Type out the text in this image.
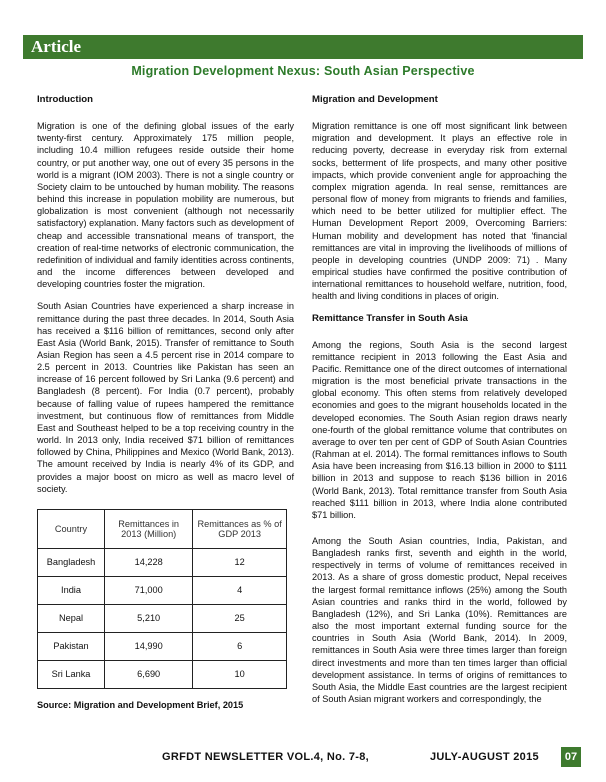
Article
Migration Development Nexus: South Asian Perspective
Introduction

Migration is one of the defining global issues of the early twenty-first century. Approximately 175 million people, including 10.4 million refugees reside outside their home country, or put another way, one out of every 35 persons in the world is a migrant (IOM 2003). There is not a single country or Society claim to be untouched by human mobility. The reasons behind this increase in population mobility are numerous, but globalization is most convenient (although not necessarily satisfactory) explanation. Many factors such as development of cheap and accessible transnational means of transport, the creation of real-time networks of electronic communication, the redefinition of individual and family identities across continents, and the income differences between developed and developing countries foster the migration.

South Asian Countries have experienced a sharp increase in remittance during the past three decades. In 2014, South Asia has received a $116 billion of remittances, second only after East Asia (World Bank, 2015). Transfer of remittance to South Asian Region has seen a 4.5 percent rise in 2014 compare to 2.5 percent in 2013. Countries like Pakistan has seen an increase of 16 percent followed by Sri Lanka (9.6 percent) and Bangladesh (8 percent). For India (0.7 percent), probably because of falling value of rupees hampered the remittance investment, but continuous flow of remittances from Middle East and Southeast helped to be a top receiving country in the world. In 2013 only, India received $71 billion of remittances followed by China, Philippines and Mexico (World Bank, 2013). The amount received by India is nearly 4% of its GDP, and provides a major boost on micro as well as macro level of society.

Country	Remittances in 2013 (Million)	Remittances as % of GDP 2013
Bangladesh	14,228	12
India	71,000	4
Nepal	5,210	25
Pakistan	14,990	6
Sri Lanka	6,690	10
Source: Migration and Development Brief, 2015
Migration and Development

Migration remittance is one off most significant link between migration and development. It plays an effective role in reducing poverty, decrease in everyday risk from external socks, betterment of life prospects, and many other positive impacts, which provide convenient angle for approaching the complex migration agenda. In real sense, remittances are personal flow of money from migrants to friends and families, which need to be better utilized for multiplier effect. The Human Development Report 2009, Overcoming Barriers: Human mobility and development has noted that 'financial remittances are vital in improving the livelihoods of millions of people in developing countries (UNDP 2009: 71) . Many empirical studies have confirmed the positive contribution of international remittances to household welfare, nutrition, food, health and living conditions in places of origin.

Remittance Transfer in South Asia

Among the regions, South Asia is the second largest remittance recipient in 2013 following the East Asia and Pacific. Remittance one of the direct outcomes of international migration is the most beneficial private transactions in the global economy. This often stems from relatively developed economies and goes to the migrant households located in the developed economies. The South Asian region draws nearly one-fourth of the global remittance volume that contributes on average to over ten per cent of GDP of South Asian Countries (Rahman at el. 2014). The formal remittances inflows to South Asia have been increasing from $16.13 billion in 2000 to $111 billion in 2013 and suppose to reach $136 billion in 2016 (World Bank, 2013). Total remittance transfer from South Asia reached $111 billion in 2013, where India alone contributed $71 billion.

Among the South Asian countries, India, Pakistan, and Bangladesh ranks first, seventh and eighth in the world, respectively in terms of volume of remittances received in 2013. As a share of gross domestic product, Nepal receives the largest formal remittance inflows (25%) among the South Asian countries and ranks third in the world, followed by Bangladesh (12%), and Sri Lanka (10%). Remittances are also the most important external funding source for the countries in South Asia (World Bank, 2014). In 2009, remittances in South Asia were three times larger than foreign direct investments and more than ten times larger than official development assistance. In terms of origins of remittances to South Asia, the Middle East countries are the largest recipient of South Asian migrant workers and correspondingly, the

GRFDT NEWSLETTER VOL.4, No. 7-8,	JULY-AUGUST 2015	07
